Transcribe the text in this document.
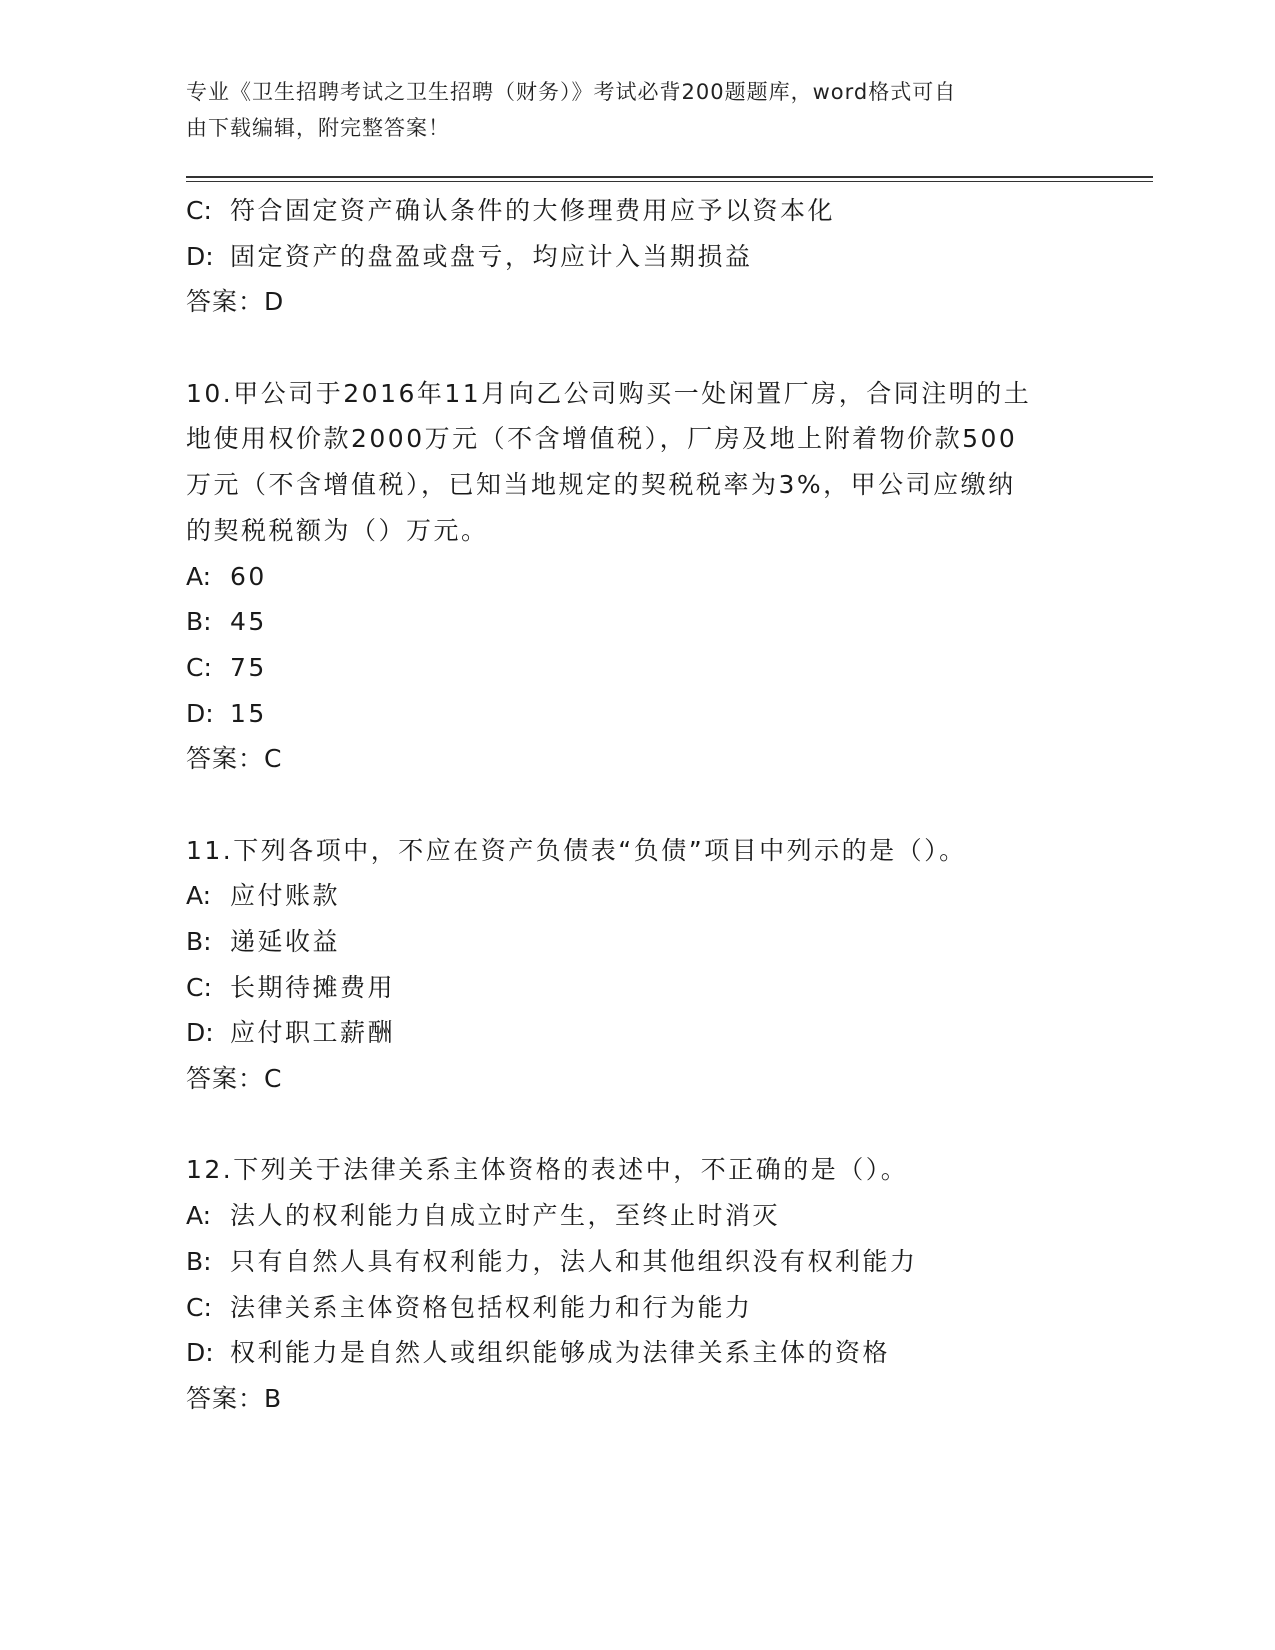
专业《卫生招聘考试之卫生招聘（财务）》考试必背200题题库，word格式可自
由下载编辑，附完整答案！
C: 符合固定资产确认条件的大修理费用应予以资本化
D: 固定资产的盘盈或盘亏，均应计入当期损益
答案：D
10.甲公司于2016年11月向乙公司购买一处闲置厂房，合同注明的土
地使用权价款2000万元（不含增值税），厂房及地上附着物价款500
万元（不含增值税），已知当地规定的契税税率为3%，甲公司应缴纳
的契税税额为（）万元。
A: 60
B: 45
C: 75
D: 15
答案：C
11.下列各项中，不应在资产负债表“负债”项目中列示的是（）。
A: 应付账款
B: 递延收益
C: 长期待摊费用
D: 应付职工薪酬
答案：C
12.下列关于法律关系主体资格的表述中，不正确的是（）。
A: 法人的权利能力自成立时产生，至终止时消灭
B: 只有自然人具有权利能力，法人和其他组织没有权利能力
C: 法律关系主体资格包括权利能力和行为能力
D: 权利能力是自然人或组织能够成为法律关系主体的资格
答案：B
